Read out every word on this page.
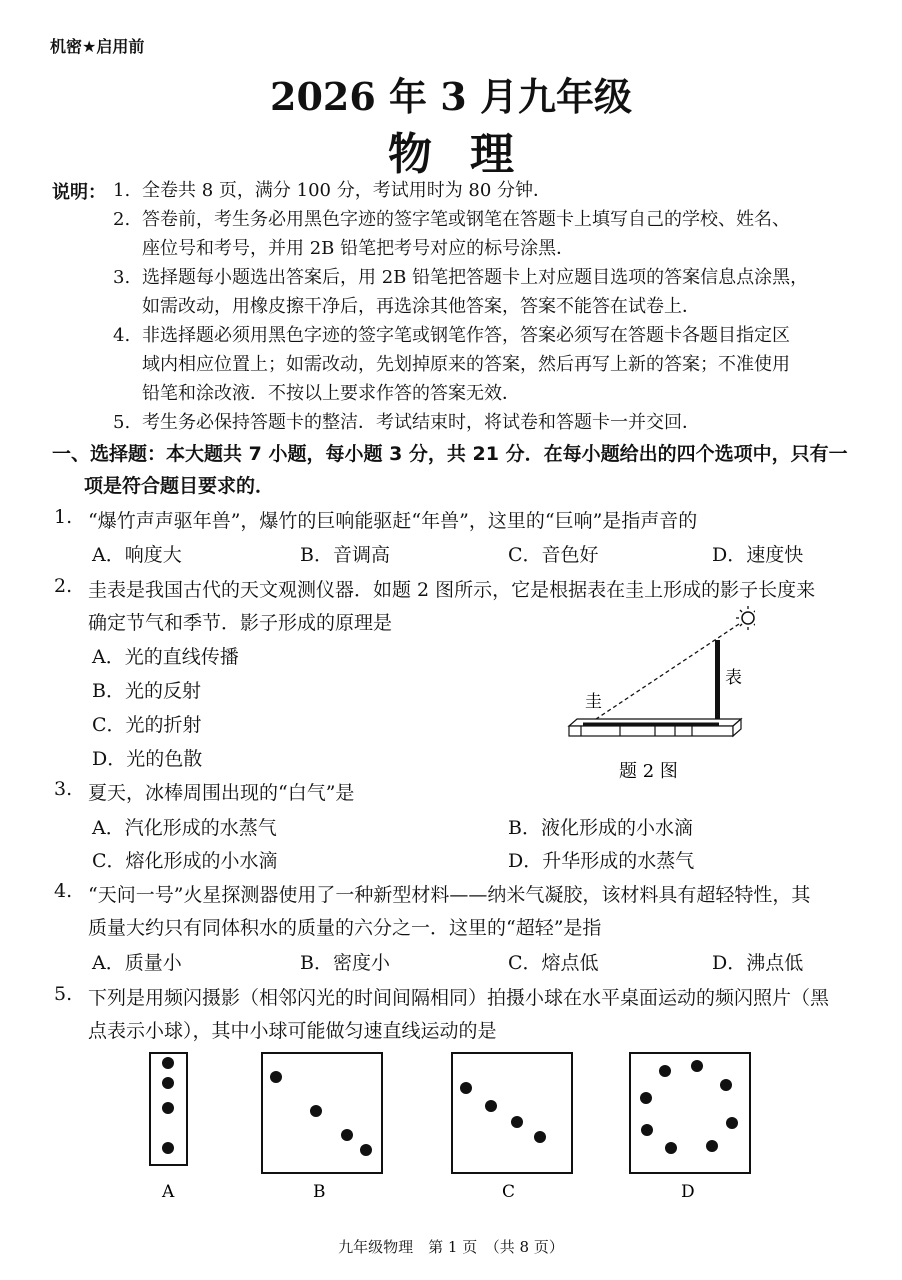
机密★启用前
2026 年 3 月九年级
物理
说明： 1. 全卷共 8 页，满分 100 分，考试用时为 80 分钟．
2. 答卷前，考生务必用黑色字迹的签字笔或钢笔在答题卡上填写自己的学校、姓名、
座位号和考号，并用 2B 铅笔把考号对应的标号涂黑．
3. 选择题每小题选出答案后，用 2B 铅笔把答题卡上对应题目选项的答案信息点涂黑，
如需改动，用橡皮擦干净后，再选涂其他答案，答案不能答在试卷上．
4. 非选择题必须用黑色字迹的签字笔或钢笔作答，答案必须写在答题卡各题目指定区
域内相应位置上；如需改动，先划掉原来的答案，然后再写上新的答案；不准使用
铅笔和涂改液．不按以上要求作答的答案无效．
5. 考生务必保持答题卡的整洁．考试结束时，将试卷和答题卡一并交回．
一、选择题：本大题共 7 小题，每小题 3 分，共 21 分．在每小题给出的四个选项中，只有一
项是符合题目要求的．
1. “爆竹声声驱年兽”，爆竹的巨响能驱赶“年兽”，这里的“巨响”是指声音的
A．响度大	B．音调高	C．音色好	D．速度快
2. 圭表是我国古代的天文观测仪器．如题 2 图所示，它是根据表在圭上形成的影子长度来
确定节气和季节．影子形成的原理是
A．光的直线传播
B．光的反射
C．光的折射
D．光的色散
圭
表
题 2 图
3. 夏天，冰棒周围出现的“白气”是
A．汽化形成的水蒸气	B．液化形成的小水滴
C．熔化形成的小水滴	D．升华形成的水蒸气
4. “天问一号”火星探测器使用了一种新型材料——纳米气凝胶，该材料具有超轻特性，其
质量大约只有同体积水的质量的六分之一．这里的“超轻”是指
A．质量小	B．密度小	C．熔点低	D．沸点低
5. 下列是用频闪摄影（相邻闪光的时间间隔相同）拍摄小球在水平桌面运动的频闪照片（黑
点表示小球），其中小球可能做匀速直线运动的是
A	B	C	D
九年级物理　第 1 页　（共 8 页）
